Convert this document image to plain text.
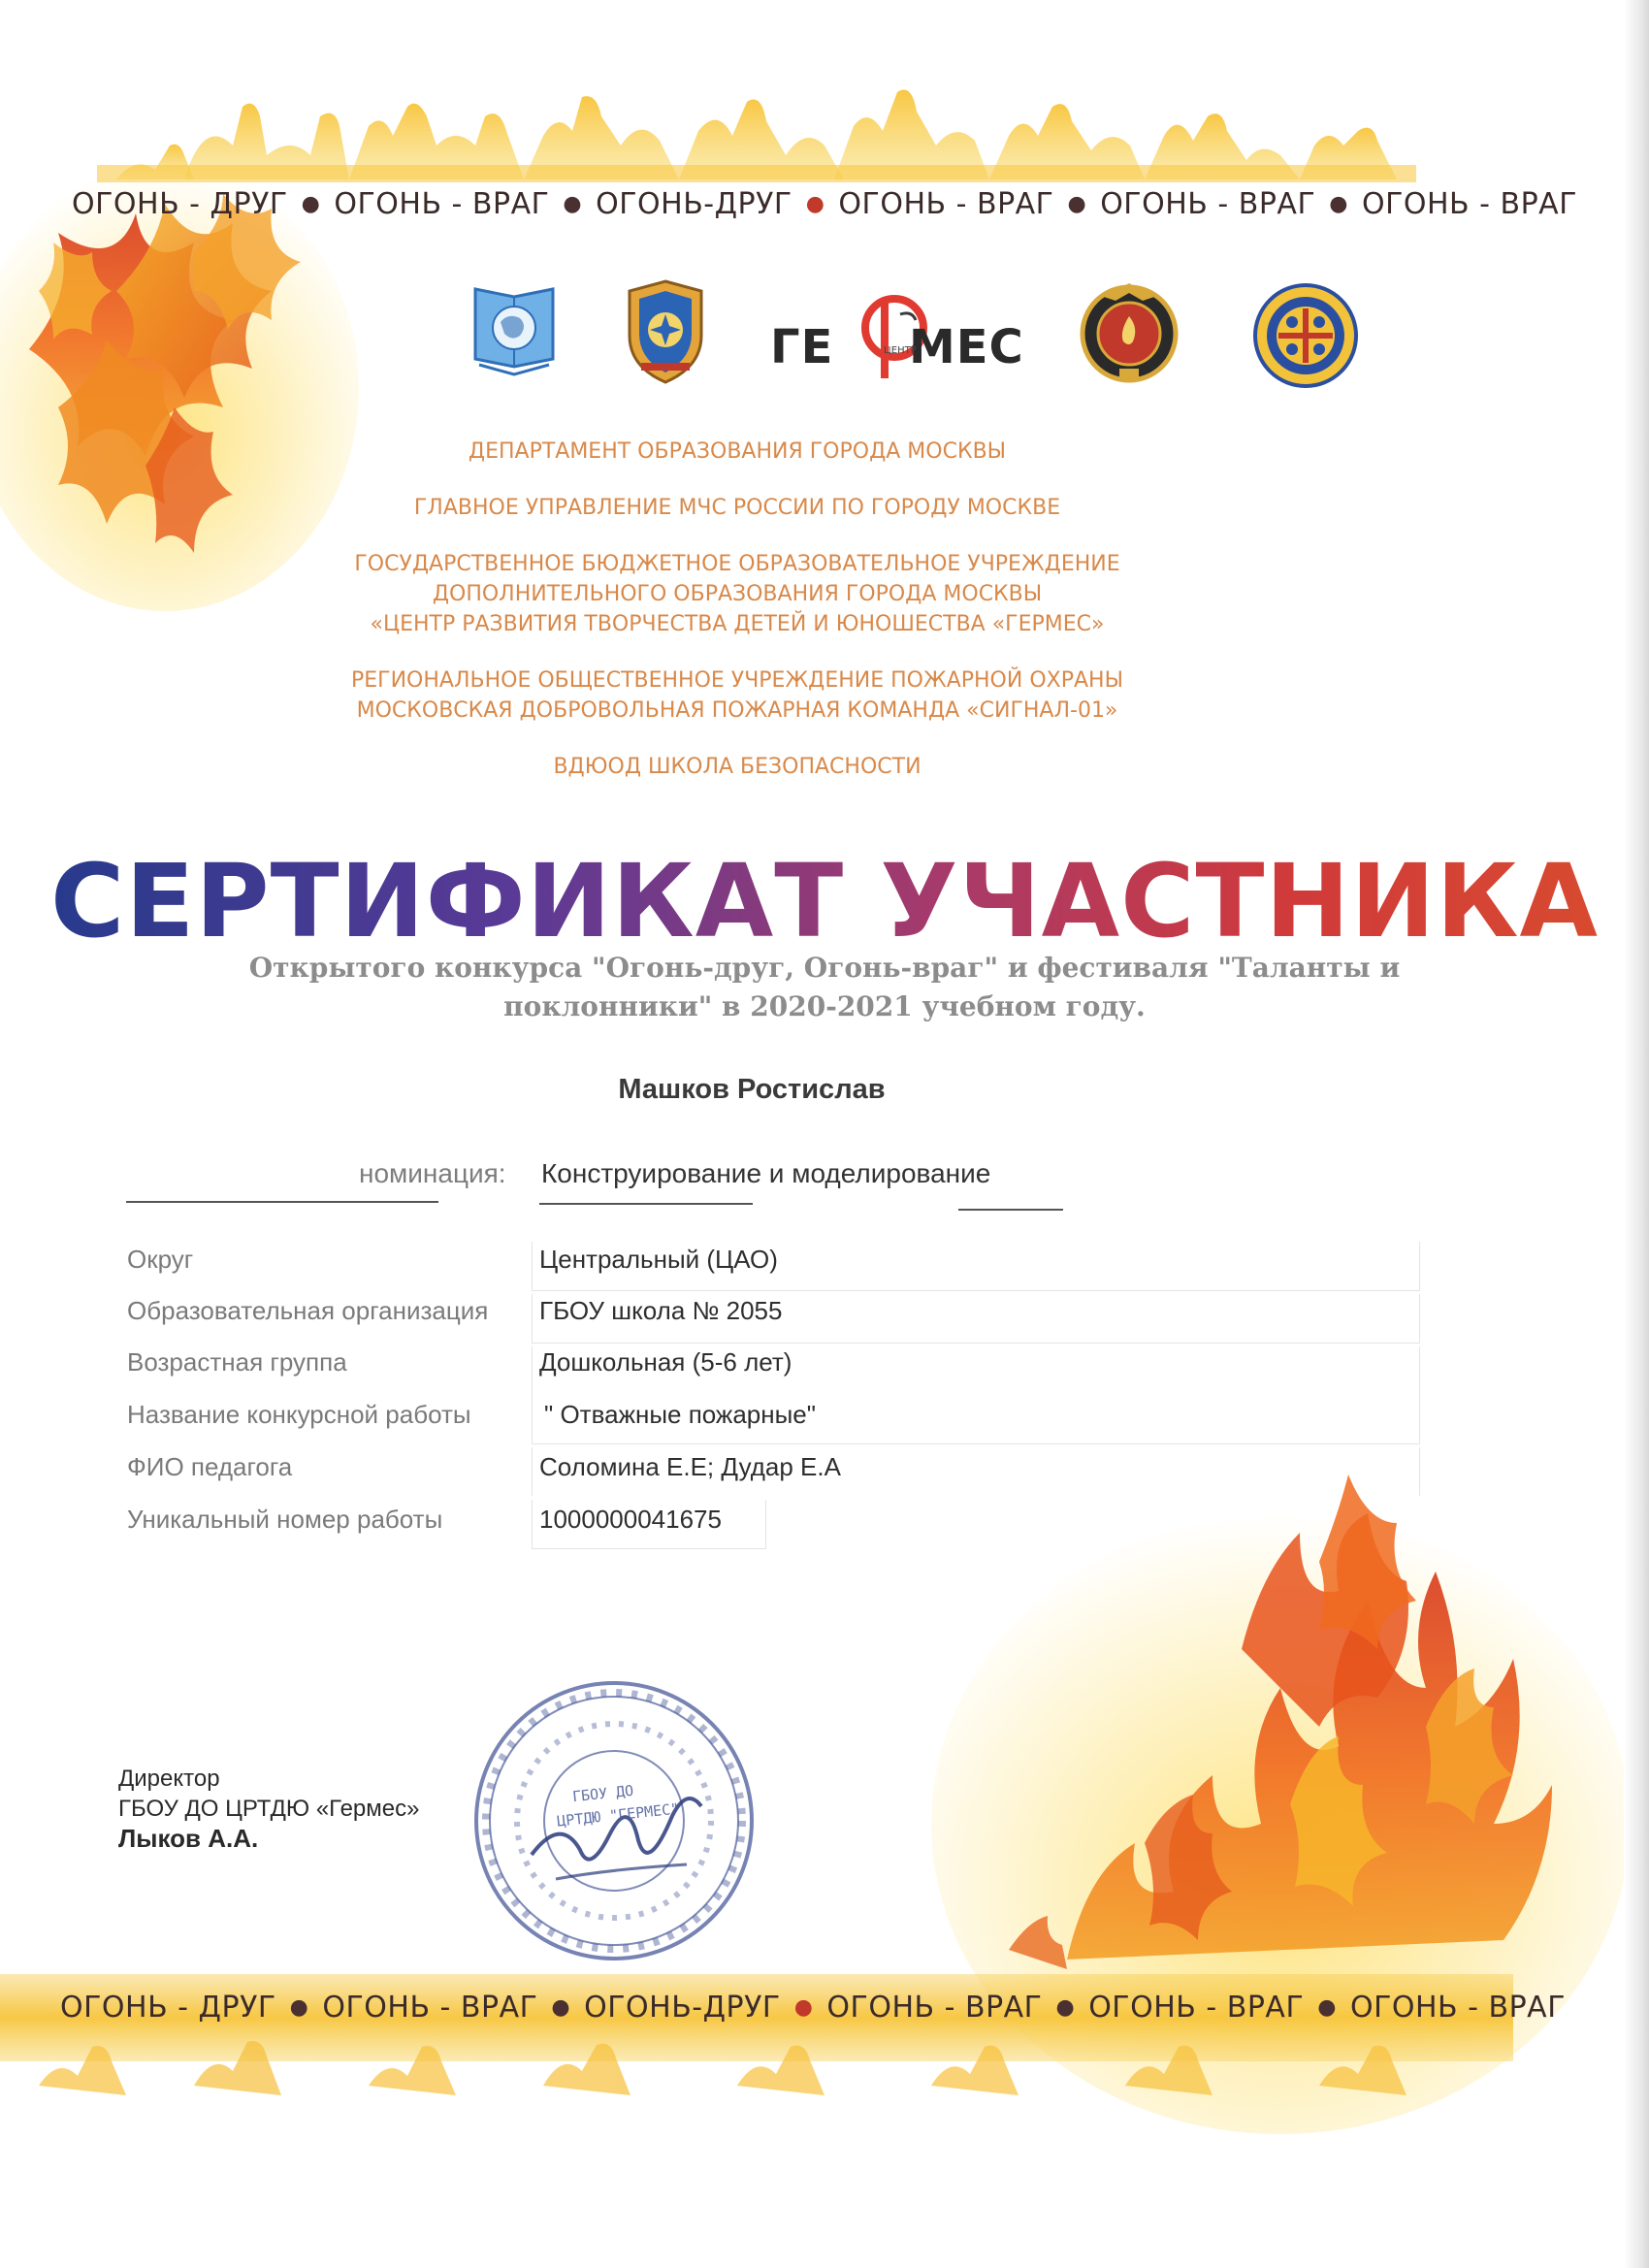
ОГОНЬ - ДРУГ ● ОГОНЬ - ВРАГ ● ОГОНЬ-ДРУГ ● ОГОНЬ - ВРАГ ● ОГОНЬ - ВРАГ ● ОГОНЬ - ВРАГ
ГЕ МЕС
ЦЕНТР
ДЕПАРТАМЕНТ ОБРАЗОВАНИЯ ГОРОДА МОСКВЫ
ГЛАВНОЕ УПРАВЛЕНИЕ МЧС РОССИИ ПО ГОРОДУ МОСКВЕ
ГОСУДАРСТВЕННОЕ БЮДЖЕТНОЕ ОБРАЗОВАТЕЛЬНОЕ УЧРЕЖДЕНИЕ
ДОПОЛНИТЕЛЬНОГО ОБРАЗОВАНИЯ ГОРОДА МОСКВЫ
«ЦЕНТР РАЗВИТИЯ ТВОРЧЕСТВА ДЕТЕЙ И ЮНОШЕСТВА «ГЕРМЕС»
РЕГИОНАЛЬНОЕ ОБЩЕСТВЕННОЕ УЧРЕЖДЕНИЕ ПОЖАРНОЙ ОХРАНЫ
МОСКОВСКАЯ ДОБРОВОЛЬНАЯ ПОЖАРНАЯ КОМАНДА «СИГНАЛ-01»
ВДЮОД ШКОЛА БЕЗОПАСНОСТИ
СЕРТИФИКАТ УЧАСТНИКА
Открытого конкурса "Огонь-друг, Огонь-враг" и фестиваля "Таланты и
поклонники" в 2020-2021 учебном году.
Машков Ростислав
номинация: Конструирование и моделирование
Округ	Центральный (ЦАО)
Образовательная организация ГБОУ школа № 2055
Возрастная группа	Дошкольная (5-6 лет)
Название конкурсной работы	" Отважные пожарные"
ФИО педагога	Соломина Е.Е; Дудар Е.А
Уникальный номер работы	1000000041675
Директор
ГБОУ ДО ЦРТДЮ «Гермес»
Лыков А.А.
ГБОУ ДО
ЦРТДЮ "ГЕРМЕС"
ОГОНЬ - ДРУГ ● ОГОНЬ - ВРАГ ● ОГОНЬ-ДРУГ ● ОГОНЬ - ВРАГ ● ОГОНЬ - ВРАГ ● ОГОНЬ - ВРАГ
